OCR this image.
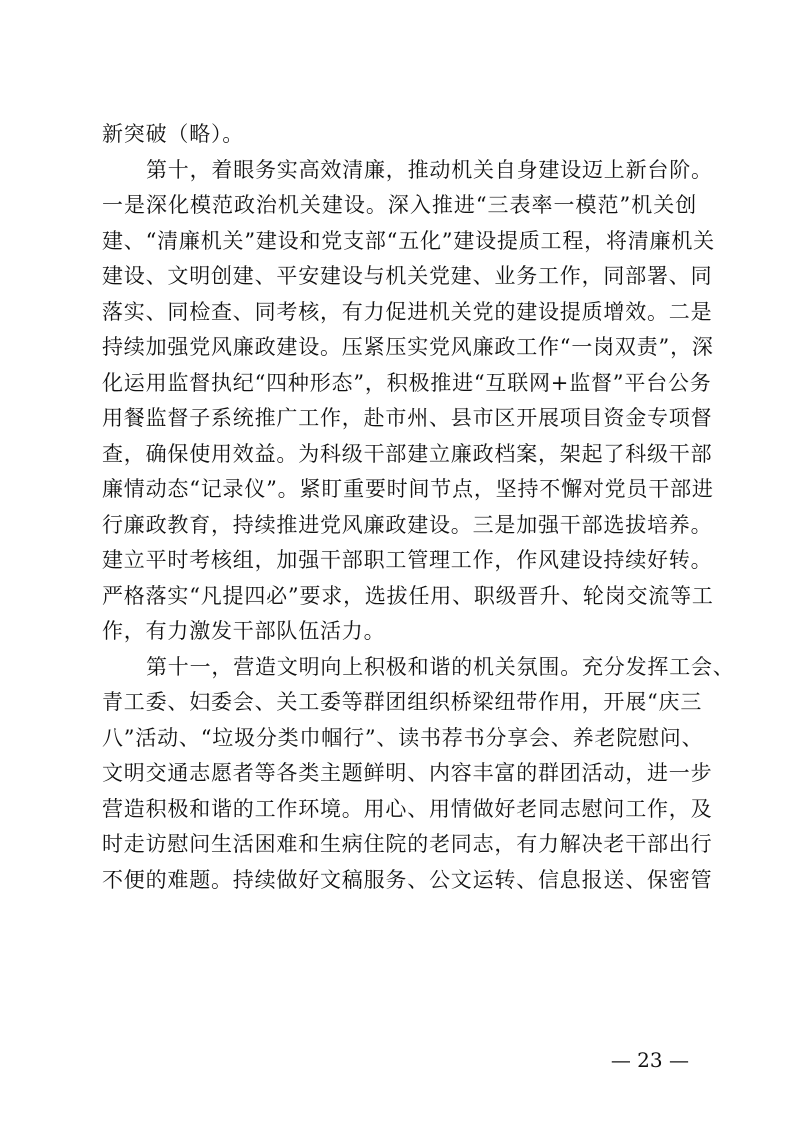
新突破（略）。
第十，着眼务实高效清廉，推动机关自身建设迈上新台阶。
一是深化模范政治机关建设。深入推进“三表率一模范”机关创
建、“清廉机关”建设和党支部“五化”建设提质工程，将清廉机关
建设、文明创建、平安建设与机关党建、业务工作，同部署、同
落实、同检查、同考核，有力促进机关党的建设提质增效。二是
持续加强党风廉政建设。压紧压实党风廉政工作“一岗双责”，深
化运用监督执纪“四种形态”，积极推进“互联网+监督”平台公务
用餐监督子系统推广工作，赴市州、县市区开展项目资金专项督
查，确保使用效益。为科级干部建立廉政档案，架起了科级干部
廉情动态“记录仪”。紧盯重要时间节点，坚持不懈对党员干部进
行廉政教育，持续推进党风廉政建设。三是加强干部选拔培养。
建立平时考核组，加强干部职工管理工作，作风建设持续好转。
严格落实“凡提四必”要求，选拔任用、职级晋升、轮岗交流等工
作，有力激发干部队伍活力。
第十一，营造文明向上积极和谐的机关氛围。充分发挥工会、
青工委、妇委会、关工委等群团组织桥梁纽带作用，开展“庆三
八”活动、“垃圾分类巾帼行”、读书荐书分享会、养老院慰问、
文明交通志愿者等各类主题鲜明、内容丰富的群团活动，进一步
营造积极和谐的工作环境。用心、用情做好老同志慰问工作，及
时走访慰问生活困难和生病住院的老同志，有力解决老干部出行
不便的难题。持续做好文稿服务、公文运转、信息报送、保密管
— 23 —
